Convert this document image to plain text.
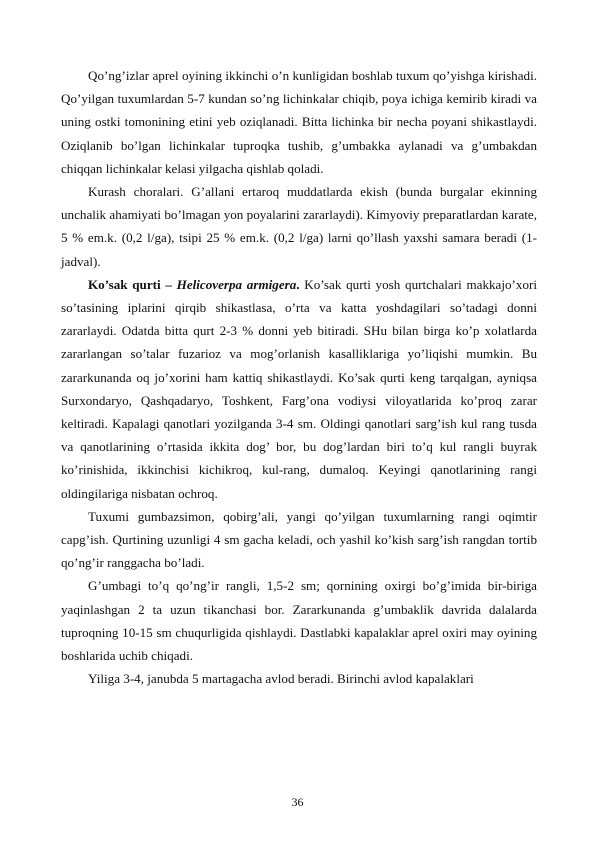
Qo’ng’izlar aprel oyining ikkinchi o’n kunligidan boshlab tuxum qo’yishga kirishadi. Qo’yilgan tuxumlardan 5-7 kundan so’ng lichinkalar chiqib, poya ichiga kemirib kiradi va uning ostki tomonining etini yeb oziqlanadi. Bitta lichinka bir necha poyani shikastlaydi. Oziqlanib bo’lgan lichinkalar tuproqka tushib, g’umbakka aylanadi va g’umbakdan chiqqan lichinkalar kelasi yilgacha qishlab qoladi.

Kurash choralari. G’allani ertaroq muddatlarda ekish (bunda burgalar ekinning unchalik ahamiyati bo’lmagan yon poyalarini zararlaydi). Kimyoviy preparatlardan karate, 5 % em.k. (0,2 l/ga), tsipi 25 % em.k. (0,2 l/ga) larni qo’llash yaxshi samara beradi (1-jadval).

Ko’sak qurti – Helicoverpa armigera. Ko’sak qurti yosh qurtchalari makkajo’xori so’tasining iplarini qirqib shikastlasa, o’rta va katta yoshdagilari so’tadagi donni zararlaydi. Odatda bitta qurt 2-3 % donni yeb bitiradi. SHu bilan birga ko’p xolatlarda zararlangan so’talar fuzarioz va mog’orlanish kasalliklariga yo’liqishi mumkin. Bu zararkunanda oq jo’xorini ham kattiq shikastlaydi. Ko’sak qurti keng tarqalgan, ayniqsa Surxondaryo, Qashqadaryo, Toshkent, Farg’ona vodiysi viloyatlarida ko’proq zarar keltiradi. Kapalagi qanotlari yozilganda 3-4 sm. Oldingi qanotlari sarg’ish kul rang tusda va qanotlarining o’rtasida ikkita dog’ bor, bu dog’lardan biri to’q kul rangli buyrak ko’rinishida, ikkinchisi kichikroq, kul-rang, dumaloq. Keyingi qanotlarining rangi oldingilariga nisbatan ochroq.

Tuxumi gumbazsimon, qobirg’ali, yangi qo’yilgan tuxumlarning rangi oqimtir capg’ish. Qurtining uzunligi 4 sm gacha keladi, och yashil ko’kish sarg’ish rangdan tortib qo’ng’ir ranggacha bo’ladi.

G’umbagi to’q qo’ng’ir rangli, 1,5-2 sm; qornining oxirgi bo’g’imida bir-biriga yaqinlashgan 2 ta uzun tikanchasi bor. Zararkunanda g’umbaklik davrida dalalarda tuproqning 10-15 sm chuqurligida qishlaydi. Dastlabki kapalaklar aprel oxiri may oyining boshlarida uchib chiqadi.

Yiliga 3-4, janubda 5 martagacha avlod beradi. Birinchi avlod kapalaklari

36
